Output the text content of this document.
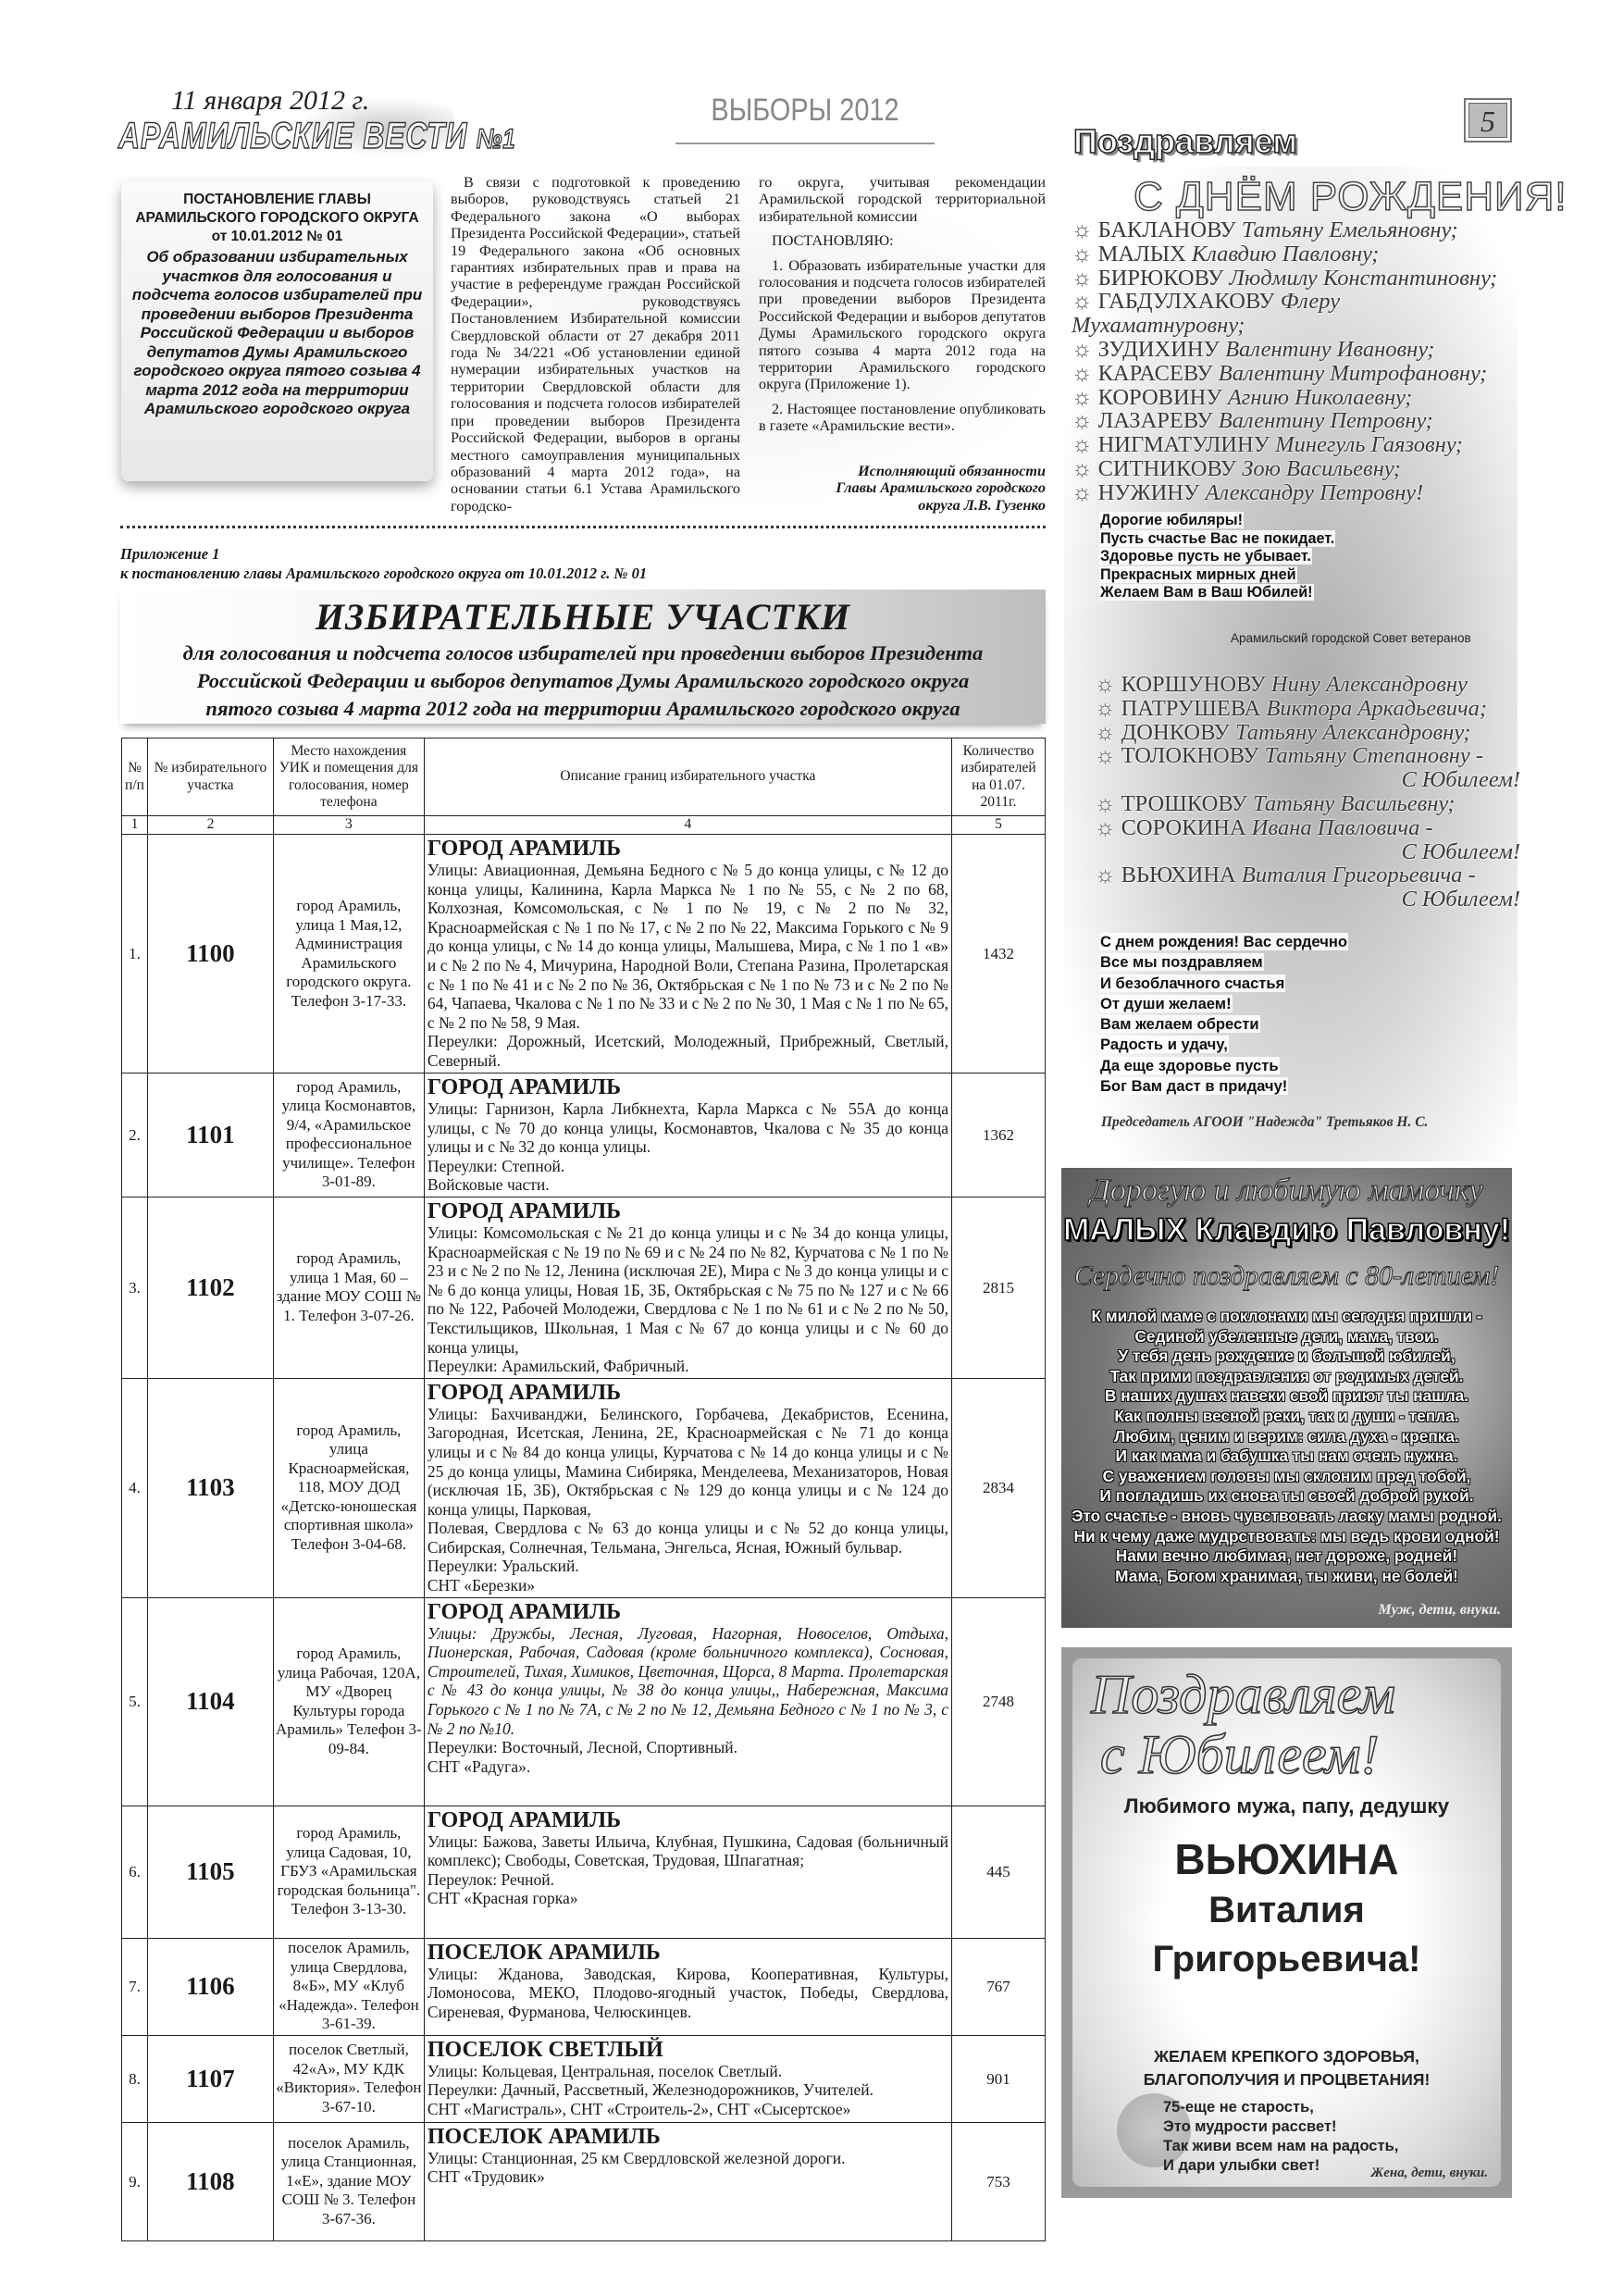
11 января 2012 г.
АРАМИЛЬСКИЕ ВЕСТИ №1
ВЫБОРЫ 2012	5
ПОСТАНОВЛЕНИЕ ГЛАВЫ
АРАМИЛЬСКОГО ГОРОДСКОГО ОКРУГА
от 10.01.2012 № 01
Об образовании избирательных участков для голосования и подсчета голосов избирателей при проведении выборов Президента Российской Федерации и выборов депутатов Думы Арамильского городского округа пятого созыва 4 марта 2012 года на территории Арамильского городского округа
В связи с подготовкой к проведению выборов, руководствуясь статьей 21 Федерального закона «О выборах Президента Российской Федерации», статьей 19 Федерального закона «Об основных гарантиях избирательных прав и права на участие в референдуме граждан Российской Федерации», руководствуясь Постановлением Избирательной комиссии Свердловской области от 27 декабря 2011 года № 34/221 «Об установлении единой нумерации избирательных участков на территории Свердловской области для голосования и подсчета голосов избирателей при проведении выборов Президента Российской Федерации, выборов в органы местного самоуправления муниципальных образований 4 марта 2012 года», на основании статьи 6.1 Устава Арамильского городско-

го округа, учитывая рекомендации Арамильской городской территориальной избирательной комиссии

ПОСТАНОВЛЯЮ:

1. Образовать избирательные участки для голосования и подсчета голосов избирателей при проведении выборов Президента Российской Федерации и выборов депутатов Думы Арамильского городского округа пятого созыва 4 марта 2012 года на территории Арамильского городского округа (Приложение 1).

2. Настоящее постановление опубликовать в газете «Арамильские вести».

Исполняющий обязанности

Главы Арамильского городского

округа Л.В. Гузенко

Приложение 1
к постановлению главы Арамильского городского округа от 10.01.2012 г. № 01
ИЗБИРАТЕЛЬНЫЕ УЧАСТКИ
для голосования и подсчета голосов избирателей при проведении выборов Президента
Российской Федерации и выборов депутатов Думы Арамильского городского округа
пятого созыва 4 марта 2012 года на территории Арамильского городского округа
№ п/п	№ избирательного участка	Место нахождения УИК и помещения для голосования, номер телефона	Описание границ избирательного участка	Количество избирателей на 01.07. 2011г.
1	2	3	4	5
1.	1100	город Арамиль, улица 1 Мая,12, Администрация Арамильского городского округа. Телефон 3-17-33.	ГОРОД АРАМИЛЬ
Улицы: Авиационная, Демьяна Бедного с № 5 до конца улицы, с № 12 до конца улицы, Калинина, Карла Маркса № 1 по № 55, с № 2 по 68, Колхозная, Комсомольская, с № 1 по № 19, с № 2 по № 32, Красноармейская с № 1 по № 17, с № 2 по № 22, Максима Горького с № 9 до конца улицы, с № 14 до конца улицы, Малышева, Мира, с № 1 по 1 «в» и с № 2 по № 4, Мичурина, Народной Воли, Степана Разина, Пролетарская с № 1 по № 41 и с № 2 по № 36, Октябрьская с № 1 по № 73 и с № 2 по № 64, Чапаева, Чкалова с № 1 по № 33 и с № 2 по № 30, 1 Мая с № 1 по № 65, с № 2 по № 58, 9 Мая.
Переулки: Дорожный, Исетский, Молодежный, Прибрежный, Светлый, Северный.	1432
2.	1101	город Арамиль, улица Космонавтов, 9/4, «Арамильское профессиональное училище». Телефон 3-01-89.	ГОРОД АРАМИЛЬ
Улицы: Гарнизон, Карла Либкнехта, Карла Маркса с № 55А до конца улицы, с № 70 до конца улицы, Космонавтов, Чкалова с № 35 до конца улицы и с № 32 до конца улицы.
Переулки: Степной.
Войсковые части.	1362
3.	1102	город Арамиль, улица 1 Мая, 60 – здание МОУ СОШ № 1. Телефон 3-07-26.	ГОРОД АРАМИЛЬ
Улицы: Комсомольская с № 21 до конца улицы и с № 34 до конца улицы, Красноармейская с № 19 по № 69 и с № 24 по № 82, Курчатова с № 1 по № 23 и с № 2 по № 12, Ленина (исключая 2Е), Мира с № 3 до конца улицы и с № 6 до конца улицы, Новая 1Б, 3Б, Октябрьская с № 75 по № 127 и с № 66 по № 122, Рабочей Молодежи, Свердлова с № 1 по № 61 и с № 2 по № 50, Текстильщиков, Школьная, 1 Мая с № 67 до конца улицы и с № 60 до конца улицы,
Переулки: Арамильский, Фабричный.	2815
4.	1103	город Арамиль, улица Красноармейская, 118, МОУ ДОД «Детско-юношеская спортивная школа» Телефон 3-04-68.	ГОРОД АРАМИЛЬ
Улицы: Бахчиванджи, Белинского, Горбачева, Декабристов, Есенина, Загородная, Исетская, Ленина, 2Е, Красноармейская с № 71 до конца улицы и с № 84 до конца улицы, Курчатова с № 14 до конца улицы и с № 25 до конца улицы, Мамина Сибиряка, Менделеева, Механизаторов, Новая (исключая 1Б, 3Б), Октябрьская с № 129 до конца улицы и с № 124 до конца улицы, Парковая,
Полевая, Свердлова с № 63 до конца улицы и с № 52 до конца улицы, Сибирская, Солнечная, Тельмана, Энгельса, Ясная, Южный бульвар.
Переулки: Уральский.
СНТ «Березки»	2834
5.	1104	город Арамиль, улица Рабочая, 120А, МУ «Дворец Культуры города Арамиль» Телефон 3-09-84.	ГОРОД АРАМИЛЬ
Улицы: Дружбы, Лесная, Луговая, Нагорная, Новоселов, Отдыха, Пионерская, Рабочая, Садовая (кроме больничного комплекса), Сосновая, Строителей, Тихая, Химиков, Цветочная, Щорса, 8 Марта. Пролетарская с № 43 до конца улицы, № 38 до конца улицы,, Набережная, Максима Горького с № 1 по № 7А, с № 2 по № 12, Демьяна Бедного с № 1 по № 3, с № 2 по №10.
Переулки: Восточный, Лесной, Спортивный.
СНТ «Радуга».	2748
6.	1105	город Арамиль, улица Садовая, 10, ГБУЗ «Арамильская городская больница". Телефон 3-13-30.	ГОРОД АРАМИЛЬ
Улицы: Бажова, Заветы Ильича, Клубная, Пушкина, Садовая (больничный комплекс); Свободы, Советская, Трудовая, Шпагатная;
Переулок: Речной.
СНТ «Красная горка»	445
7.	1106	поселок Арамиль, улица Свердлова, 8«Б», МУ «Клуб «Надежда». Телефон 3-61-39.	ПОСЕЛОК АРАМИЛЬ
Улицы: Жданова, Заводская, Кирова, Кооперативная, Культуры, Ломоносова, МЕКО, Плодово-ягодный участок, Победы, Свердлова, Сиреневая, Фурманова, Челюскинцев.	767
8.	1107	поселок Светлый, 42«А», МУ КДК «Виктория». Телефон 3-67-10.	ПОСЕЛОК СВЕТЛЫЙ
Улицы: Кольцевая, Центральная, поселок Светлый.
Переулки: Дачный, Рассветный, Железнодорожников, Учителей.
СНТ «Магистраль», СНТ «Строитель-2», СНТ «Сысертское»	901
9.	1108	поселок Арамиль, улица Станционная, 1«Е», здание МОУ СОШ № 3. Телефон 3-67-36.	ПОСЕЛОК АРАМИЛЬ
Улицы: Станционная, 25 км Свердловской железной дороги.
СНТ «Трудовик»	753
Поздравляем
С ДНЁМ РОЖДЕНИЯ!
☼ БАКЛАНОВУ Татьяну Емельяновну;
☼ МАЛЫХ Клавдию Павловну;
☼ БИРЮКОВУ Людмилу Константиновну;
☼ ГАБДУЛХАКОВУ Флеру Мухаматнуровну;
☼ ЗУДИХИНУ Валентину Ивановну;
☼ КАРАСЕВУ Валентину Митрофановну;
☼ КОРОВИНУ Агнию Николаевну;
☼ ЛАЗАРЕВУ Валентину Петровну;
☼ НИГМАТУЛИНУ Минегуль Гаязовну;
☼ СИТНИКОВУ Зою Васильевну;
☼ НУЖИНУ Александру Петровну!
Дорогие юбиляры!
Пусть счастье Вас не покидает.
Здоровье пусть не убывает.
Прекрасных мирных дней
Желаем Вам в Ваш Юбилей!
Арамильский городской Совет ветеранов
☼ КОРШУНОВУ Нину Александровну
☼ ПАТРУШЕВА Виктора Аркадьевича;
☼ ДОНКОВУ Татьяну Александровну;
☼ ТОЛОКНОВУ Татьяну Степановну -
С Юбилеем!
☼ ТРОШКОВУ Татьяну Васильевну;
☼ СОРОКИНА Ивана Павловича -
С Юбилеем!
☼ ВЬЮХИНА Виталия Григорьевича -
С Юбилеем!
С днем рождения! Вас сердечно
Все мы поздравляем
И безоблачного счастья
От души желаем!
Вам желаем обрести
Радость и удачу,
Да еще здоровье пусть
Бог Вам даст в придачу!
Председатель АГООИ "Надежда" Третьяков Н. С.
Дорогую и любимую мамочку
МАЛЫХ Клавдию Павловну!
Сердечно поздравляем с 80-летием!
К милой маме с поклонами мы сегодня пришли -
Сединой убеленные дети, мама, твои.
У тебя день рождение и большой юбилей,
Так прими поздравления от родимых детей.
В наших душах навеки свой приют ты нашла.
Как полны весной реки, так и души - тепла.
Любим, ценим и верим: сила духа - крепка.
И как мама и бабушка ты нам очень нужна.
С уважением головы мы склоним пред тобой,
И погладишь их снова ты своей доброй рукой.
Это счастье - вновь чувствовать ласку мамы родной.
Ни к чему даже мудрствовать: мы ведь крови одной!
Нами вечно любимая, нет дороже, родней!
Мама, Богом хранимая, ты живи, не болей!
Муж, дети, внуки.
Поздравляем
с Юбилеем!
Любимого мужа, папу, дедушку
ВЬЮХИНА
Виталия
Григорьевича!
ЖЕЛАЕМ КРЕПКОГО ЗДОРОВЬЯ,
БЛАГОПОЛУЧИЯ И ПРОЦВЕТАНИЯ!
75-еще не старость,
Это мудрости рассвет!
Так живи всем нам на радость,
И дари улыбки свет!	Жена, дети, внуки.
